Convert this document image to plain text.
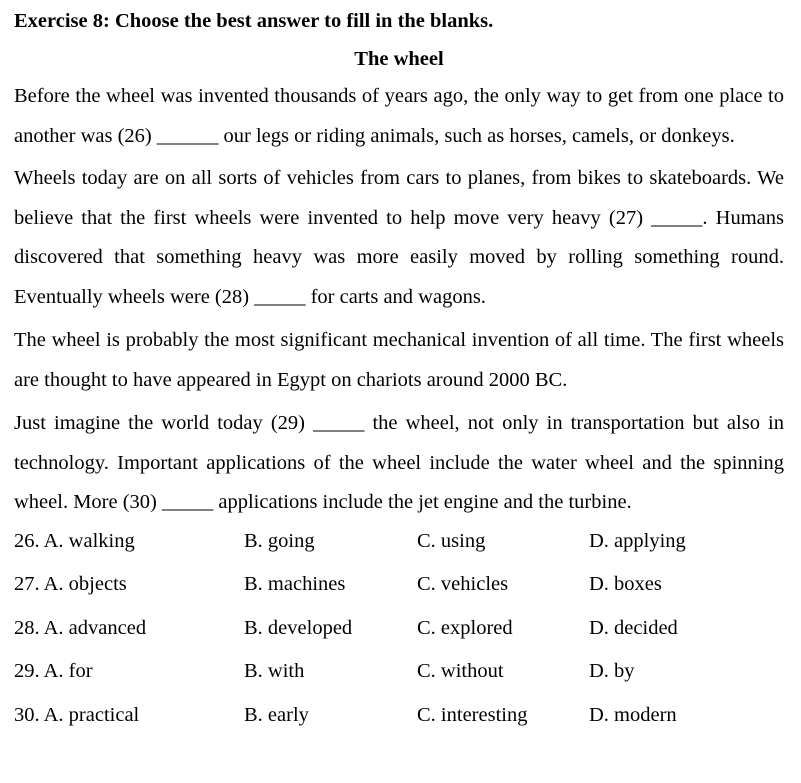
Exercise 8: Choose the best answer to fill in the blanks.
The wheel
Before the wheel was invented thousands of years ago, the only way to get from one place to another was (26) ______ our legs or riding animals, such as horses, camels, or donkeys.
Wheels today are on all sorts of vehicles from cars to planes, from bikes to skateboards. We believe that the first wheels were invented to help move very heavy (27) _____. Humans discovered that something heavy was more easily moved by rolling something round. Eventually wheels were (28) _____ for carts and wagons.
The wheel is probably the most significant mechanical invention of all time. The first wheels are thought to have appeared in Egypt on chariots around 2000 BC.
Just imagine the world today (29) _____ the wheel, not only in transportation but also in technology. Important applications of the wheel include the water wheel and the spinning wheel. More (30) _____ applications include the jet engine and the turbine.
26. A. walking	B. going	C. using	D. applying
27. A. objects	B. machines	C. vehicles	D. boxes
28. A. advanced	B. developed	C. explored	D. decided
29. A. for	B. with	C. without	D. by
30. A. practical	B. early	C. interesting	D. modern
